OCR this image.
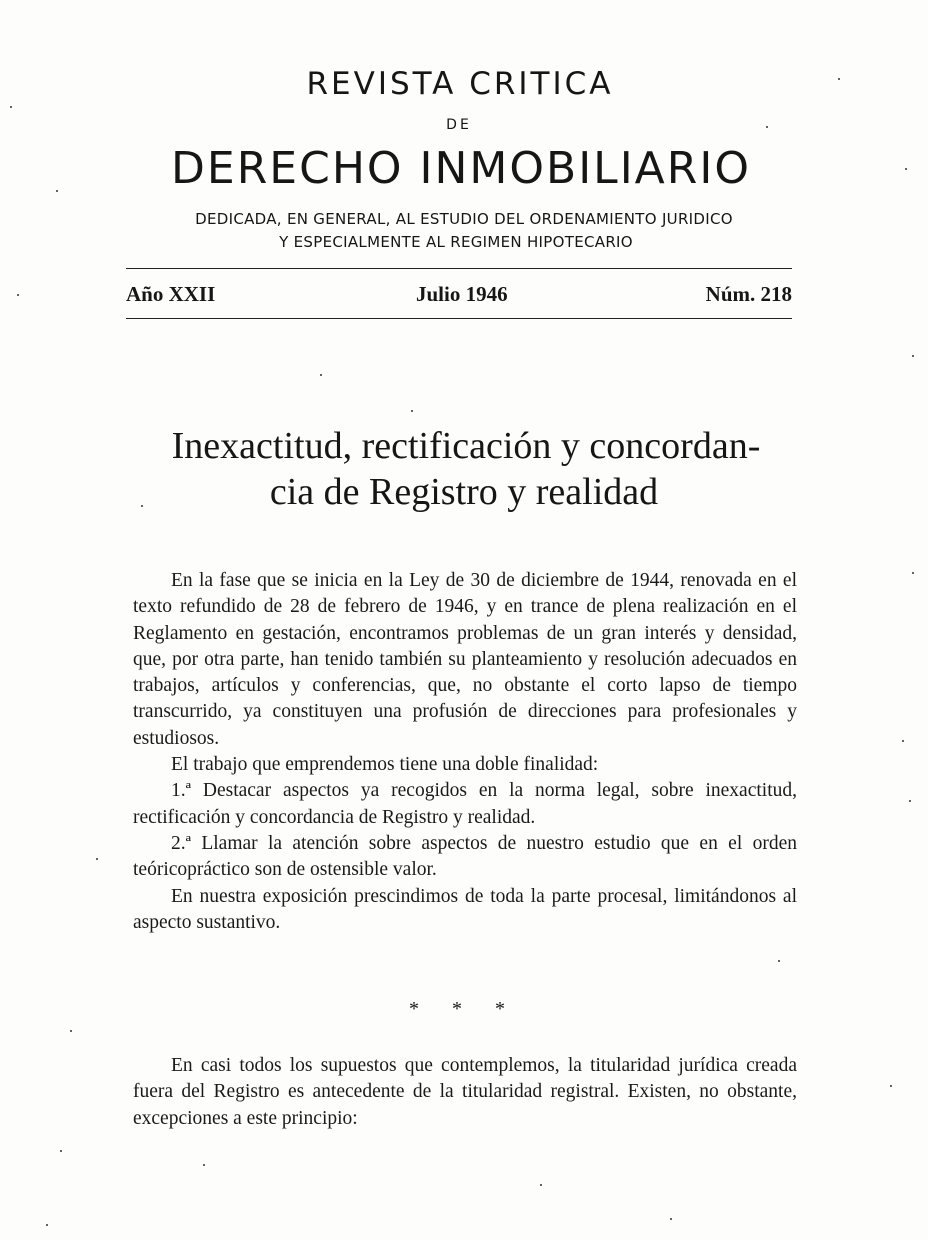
REVISTA CRITICA
DE
DERECHO INMOBILIARIO
DEDICADA, EN GENERAL, AL ESTUDIO DEL ORDENAMIENTO JURIDICO
Y ESPECIALMENTE AL REGIMEN HIPOTECARIO
Año XXII	Julio 1946	Núm. 218
Inexactitud, rectificación y concordan-
cia de Registro y realidad

En la fase que se inicia en la Ley de 30 de diciembre de 1944, renovada en el texto refundido de 28 de febrero de 1946, y en trance de plena realización en el Reglamento en gestación, encontramos problemas de un gran interés y densidad, que, por otra parte, han tenido también su planteamiento y resolución adecuados en trabajos, artículos y conferencias, que, no obstante el corto lapso de tiempo transcurrido, ya constituyen una profusión de direcciones para profesionales y estudiosos.

El trabajo que emprendemos tiene una doble finalidad:

1.ª Destacar aspectos ya recogidos en la norma legal, sobre inexactitud, rectificación y concordancia de Registro y realidad.

2.ª Llamar la atención sobre aspectos de nuestro estudio que en el orden teóricopráctico son de ostensible valor.

En nuestra exposición prescindimos de toda la parte procesal, limitándonos al aspecto sustantivo.

* * *

En casi todos los supuestos que contemplemos, la titularidad jurídica creada fuera del Registro es antecedente de la titularidad registral. Existen, no obstante, excepciones a este principio:
